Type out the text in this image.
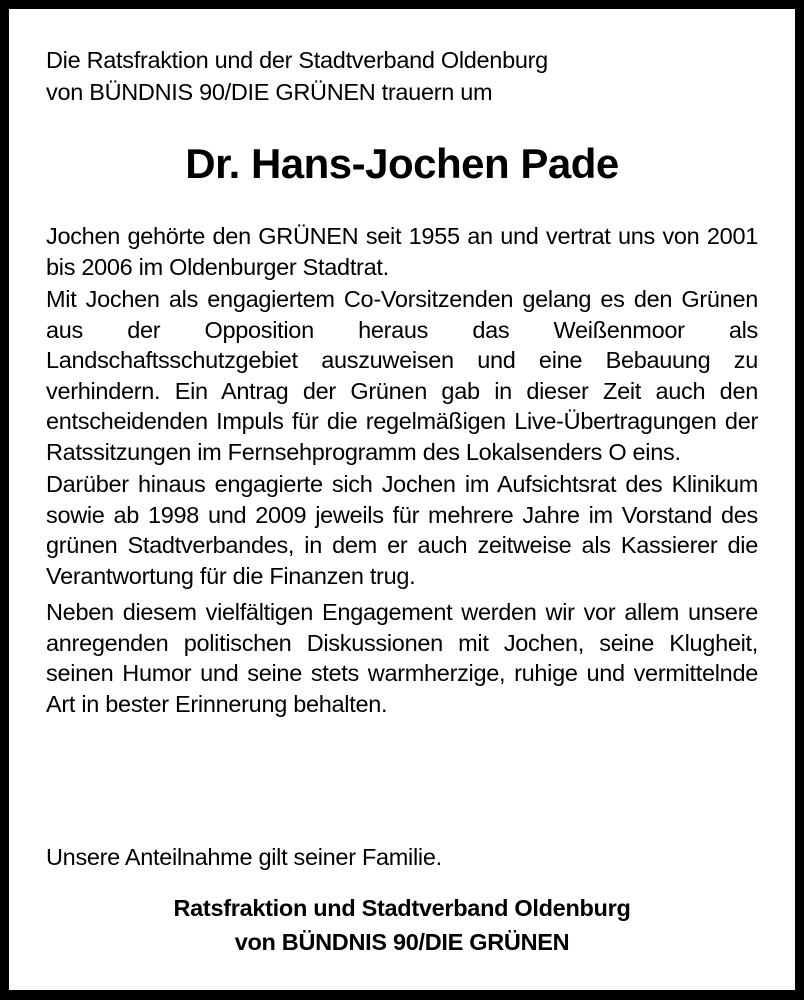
Die Ratsfraktion und der Stadtverband Oldenburg
von BÜNDNIS 90/DIE GRÜNEN trauern um
Dr. Hans-Jochen Pade

Jochen gehörte den GRÜNEN seit 1955 an und vertrat uns von 2001 bis 2006 im Oldenburger Stadtrat.

Mit Jochen als engagiertem Co-Vorsitzenden gelang es den Grünen aus der Opposition heraus das Weißenmoor als Landschaftsschutzgebiet auszuweisen und eine Bebauung zu verhindern. Ein Antrag der Grünen gab in dieser Zeit auch den entscheidenden Impuls für die regelmäßigen Live-Übertragungen der Ratssitzungen im Fernsehprogramm des Lokalsenders O eins.

Darüber hinaus engagierte sich Jochen im Aufsichtsrat des Klinikum sowie ab 1998 und 2009 jeweils für mehrere Jahre im Vorstand des grünen Stadtverbandes, in dem er auch zeitweise als Kassierer die Verantwortung für die Finanzen trug.

Neben diesem vielfältigen Engagement werden wir vor allem unsere anregenden politischen Diskussionen mit Jochen, seine Klugheit, seinen Humor und seine stets warmherzige, ruhige und vermittelnde Art in bester Erinnerung behalten.

Unsere Anteilnahme gilt seiner Familie.
Ratsfraktion und Stadtverband Oldenburg
von BÜNDNIS 90/DIE GRÜNEN
